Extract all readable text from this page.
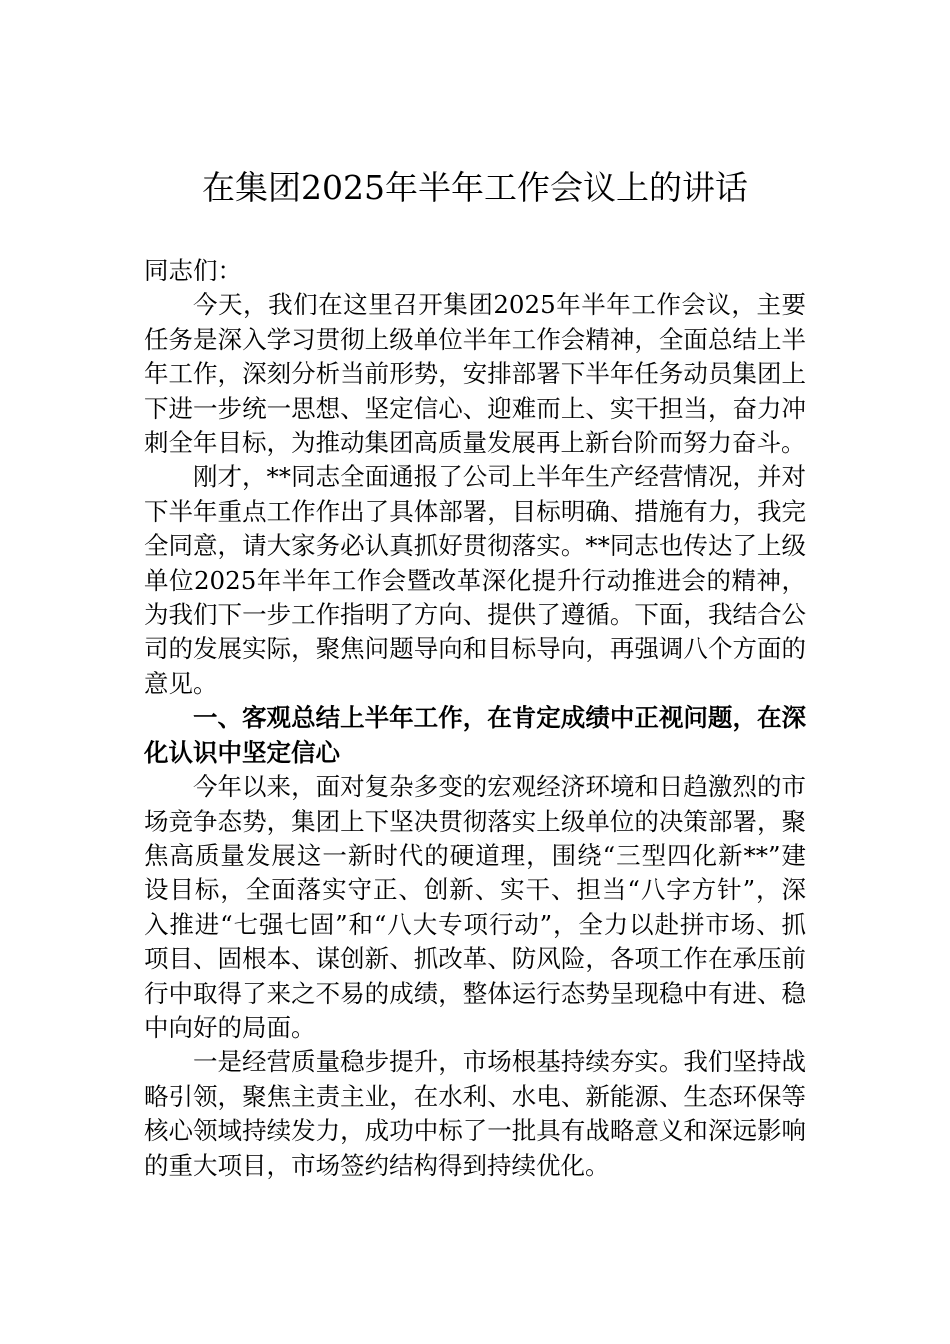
在集团2025年半年工作会议上的讲话

同志们：

今天，我们在这里召开集团2025年半年工作会议，主要任务是深入学习贯彻上级单位半年工作会精神，全面总结上半年工作，深刻分析当前形势，安排部署下半年任务动员集团上下进一步统一思想、坚定信心、迎难而上、实干担当，奋力冲刺全年目标，为推动集团高质量发展再上新台阶而努力奋斗。

刚才，**同志全面通报了公司上半年生产经营情况，并对下半年重点工作作出了具体部署，目标明确、措施有力，我完全同意，请大家务必认真抓好贯彻落实。**同志也传达了上级单位2025年半年工作会暨改革深化提升行动推进会的精神，为我们下一步工作指明了方向、提供了遵循。下面，我结合公司的发展实际，聚焦问题导向和目标导向，再强调八个方面的意见。

一、客观总结上半年工作，在肯定成绩中正视问题，在深化认识中坚定信心

今年以来，面对复杂多变的宏观经济环境和日趋激烈的市场竞争态势，集团上下坚决贯彻落实上级单位的决策部署，聚焦高质量发展这一新时代的硬道理，围绕“三型四化新**”建设目标，全面落实守正、创新、实干、担当“八字方针”，深入推进“七强七固”和“八大专项行动”，全力以赴拼市场、抓项目、固根本、谋创新、抓改革、防风险，各项工作在承压前行中取得了来之不易的成绩，整体运行态势呈现稳中有进、稳中向好的局面。

一是经营质量稳步提升，市场根基持续夯实。我们坚持战略引领，聚焦主责主业，在水利、水电、新能源、生态环保等核心领域持续发力，成功中标了一批具有战略意义和深远影响的重大项目，市场签约结构得到持续优化。
